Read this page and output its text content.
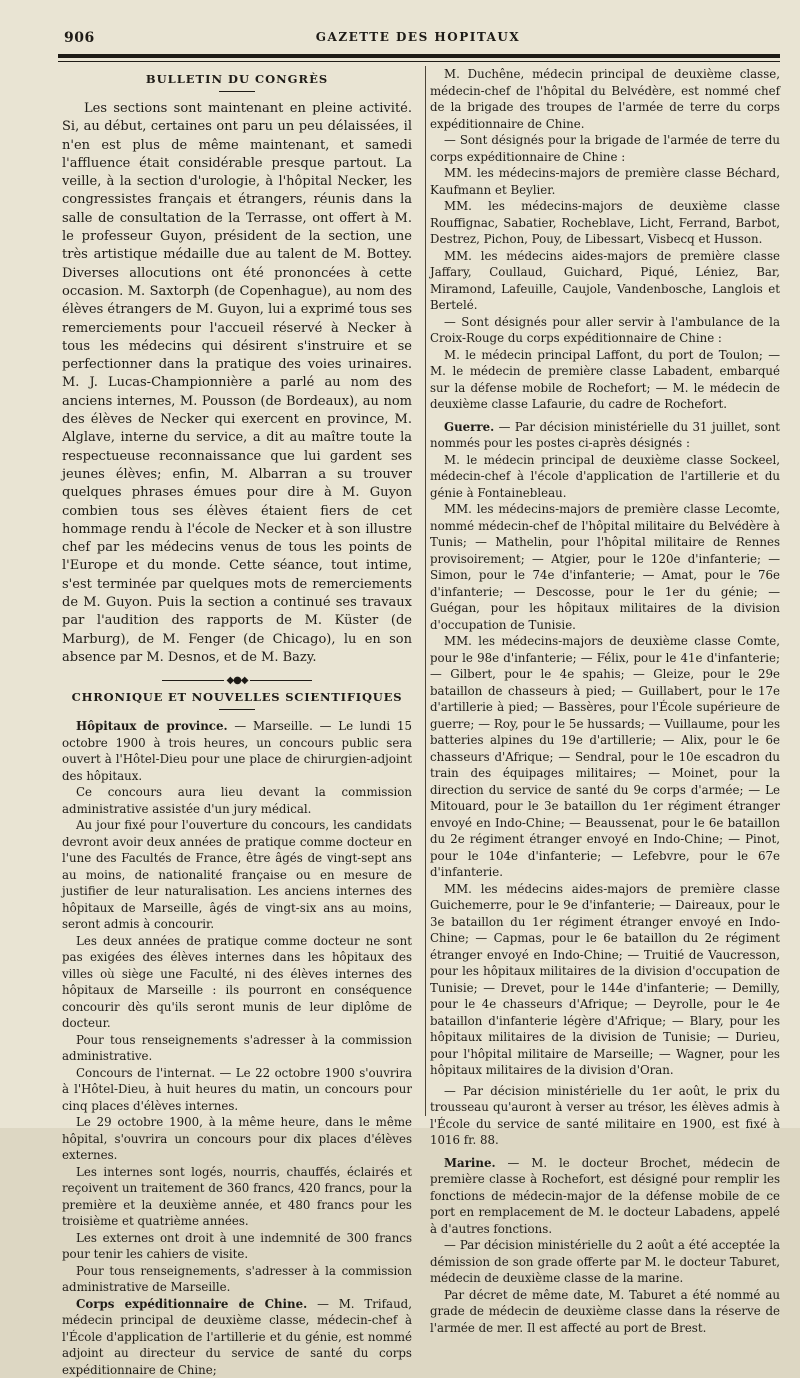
906	GAZETTE DES HOPITAUX
BULLETIN DU CONGRÈS

Les sections sont maintenant en pleine activité. Si, au début, certaines ont paru un peu délaissées, il n'en est plus de même maintenant, et samedi l'affluence était considérable presque partout. La veille, à la section d'urologie, à l'hôpital Necker, les congressistes français et étrangers, réunis dans la salle de consultation de la Terrasse, ont offert à M. le professeur Guyon, président de la section, une très artistique médaille due au talent de M. Bottey. Diverses allocutions ont été prononcées à cette occasion. M. Saxtorph (de Copenhague), au nom des élèves étrangers de M. Guyon, lui a exprimé tous ses remerciements pour l'accueil réservé à Necker à tous les médecins qui désirent s'instruire et se perfectionner dans la pratique des voies urinaires. M. J. Lucas-Championnière a parlé au nom des anciens internes, M. Pousson (de Bordeaux), au nom des élèves de Necker qui exercent en province, M. Alglave, interne du service, a dit au maître toute la respectueuse reconnaissance que lui gardent ses jeunes élèves; enfin, M. Albarran a su trouver quelques phrases émues pour dire à M. Guyon combien tous ses élèves étaient fiers de cet hommage rendu à l'école de Necker et à son illustre chef par les médecins venus de tous les points de l'Europe et du monde. Cette séance, tout intime, s'est terminée par quelques mots de remerciements de M. Guyon. Puis la section a continué ses travaux par l'audition des rapports de M. Küster (de Marburg), de M. Fenger (de Chicago), lu en son absence par M. Desnos, et de M. Bazy.

◆●◆
CHRONIQUE ET NOUVELLES SCIENTIFIQUES

Hôpitaux de province. — Marseille. — Le lundi 15 octobre 1900 à trois heures, un concours public sera ouvert à l'Hôtel-Dieu pour une place de chirurgien-adjoint des hôpitaux.

Ce concours aura lieu devant la commission administrative assistée d'un jury médical.

Au jour fixé pour l'ouverture du concours, les candidats devront avoir deux années de pratique comme docteur en l'une des Facultés de France, être âgés de vingt-sept ans au moins, de nationalité française ou en mesure de justifier de leur naturalisation. Les anciens internes des hôpitaux de Marseille, âgés de vingt-six ans au moins, seront admis à concourir.

Les deux années de pratique comme docteur ne sont pas exigées des élèves internes dans les hôpitaux des villes où siège une Faculté, ni des élèves internes des hôpitaux de Marseille : ils pourront en conséquence concourir dès qu'ils seront munis de leur diplôme de docteur.

Pour tous renseignements s'adresser à la commission administrative.

Concours de l'internat. — Le 22 octobre 1900 s'ouvrira à l'Hôtel-Dieu, à huit heures du matin, un concours pour cinq places d'élèves internes.

Le 29 octobre 1900, à la même heure, dans le même hôpital, s'ouvrira un concours pour dix places d'élèves externes.

Les internes sont logés, nourris, chauffés, éclairés et reçoivent un traitement de 360 francs, 420 francs, pour la première et la deuxième année, et 480 francs pour les troisième et quatrième années.

Les externes ont droit à une indemnité de 300 francs pour tenir les cahiers de visite.

Pour tous renseignements, s'adresser à la commission administrative de Marseille.

Corps expéditionnaire de Chine. — M. Trifaud, médecin principal de deuxième classe, médecin-chef à l'École d'application de l'artillerie et du génie, est nommé adjoint au directeur du service de santé du corps expéditionnaire de Chine;

M. Duchêne, médecin principal de deuxième classe, médecin-chef de l'hôpital du Belvédère, est nommé chef de la brigade des troupes de l'armée de terre du corps expéditionnaire de Chine.

— Sont désignés pour la brigade de l'armée de terre du corps expéditionnaire de Chine :

MM. les médecins-majors de première classe Béchard, Kaufmann et Beylier.

MM. les médecins-majors de deuxième classe Rouffignac, Sabatier, Rocheblave, Licht, Ferrand, Barbot, Destrez, Pichon, Pouy, de Libessart, Visbecq et Husson.

MM. les médecins aides-majors de première classe Jaffary, Coullaud, Guichard, Piqué, Léniez, Bar, Miramond, Lafeuille, Caujole, Vandenbosche, Langlois et Bertelé.

— Sont désignés pour aller servir à l'ambulance de la Croix-Rouge du corps expéditionnaire de Chine :

M. le médecin principal Laffont, du port de Toulon; — M. le médecin de première classe Labadent, embarqué sur la défense mobile de Rochefort; — M. le médecin de deuxième classe Lafaurie, du cadre de Rochefort.

Guerre. — Par décision ministérielle du 31 juillet, sont nommés pour les postes ci-après désignés :

M. le médecin principal de deuxième classe Sockeel, médecin-chef à l'école d'application de l'artillerie et du génie à Fontainebleau.

MM. les médecins-majors de première classe Lecomte, nommé médecin-chef de l'hôpital militaire du Belvédère à Tunis; — Mathelin, pour l'hôpital militaire de Rennes provisoirement; — Atgier, pour le 120e d'infanterie; — Simon, pour le 74e d'infanterie; — Amat, pour le 76e d'infanterie; — Descosse, pour le 1er du génie; — Guégan, pour les hôpitaux militaires de la division d'occupation de Tunisie.

MM. les médecins-majors de deuxième classe Comte, pour le 98e d'infanterie; — Félix, pour le 41e d'infanterie; — Gilbert, pour le 4e spahis; — Gleize, pour le 29e bataillon de chasseurs à pied; — Guillabert, pour le 17e d'artillerie à pied; — Bassères, pour l'École supérieure de guerre; — Roy, pour le 5e hussards; — Vuillaume, pour les batteries alpines du 19e d'artillerie; — Alix, pour le 6e chasseurs d'Afrique; — Sendral, pour le 10e escadron du train des équipages militaires; — Moinet, pour la direction du service de santé du 9e corps d'armée; — Le Mitouard, pour le 3e bataillon du 1er régiment étranger envoyé en Indo-Chine; — Beaussenat, pour le 6e bataillon du 2e régiment étranger envoyé en Indo-Chine; — Pinot, pour le 104e d'infanterie; — Lefebvre, pour le 67e d'infanterie.

MM. les médecins aides-majors de première classe Guichemerre, pour le 9e d'infanterie; — Daireaux, pour le 3e bataillon du 1er régiment étranger envoyé en Indo-Chine; — Capmas, pour le 6e bataillon du 2e régiment étranger envoyé en Indo-Chine; — Truitié de Vaucresson, pour les hôpitaux militaires de la division d'occupation de Tunisie; — Drevet, pour le 144e d'infanterie; — Demilly, pour le 4e chasseurs d'Afrique; — Deyrolle, pour le 4e bataillon d'infanterie légère d'Afrique; — Blary, pour les hôpitaux militaires de la division de Tunisie; — Durieu, pour l'hôpital militaire de Marseille; — Wagner, pour les hôpitaux militaires de la division d'Oran.

— Par décision ministérielle du 1er août, le prix du trousseau qu'auront à verser au trésor, les élèves admis à l'École du service de santé militaire en 1900, est fixé à 1016 fr. 88.

Marine. — M. le docteur Brochet, médecin de première classe à Rochefort, est désigné pour remplir les fonctions de médecin-major de la défense mobile de ce port en remplacement de M. le docteur Labadens, appelé à d'autres fonctions.

— Par décision ministérielle du 2 août a été acceptée la démission de son grade offerte par M. le docteur Taburet, médecin de deuxième classe de la marine.

Par décret de même date, M. Taburet a été nommé au grade de médecin de deuxième classe dans la réserve de l'armée de mer. Il est affecté au port de Brest.
